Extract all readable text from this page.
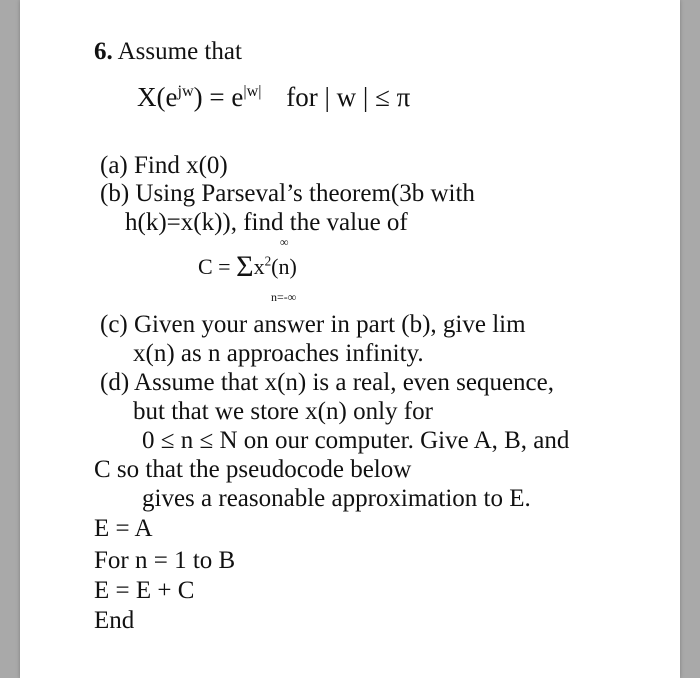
6. Assume that
$X(e^{jw}) = e^{|w|}$ for | w | ≤ π
(a) Find x(0)
(b) Using Parseval’s theorem(3b with
h(k)=x(k)), find the value of
∞
$C = \Sigma x^2(n)$
n=-∞
(c) Given your answer in part (b), give lim
x(n) as n approaches infinity.
(d) Assume that x(n) is a real, even sequence,
but that we store x(n) only for
0 ≤ n ≤ N on our computer. Give A, B, and
C so that the pseudocode below
gives a reasonable approximation to E.
E = A
For n = 1 to B
E = E + C
End
